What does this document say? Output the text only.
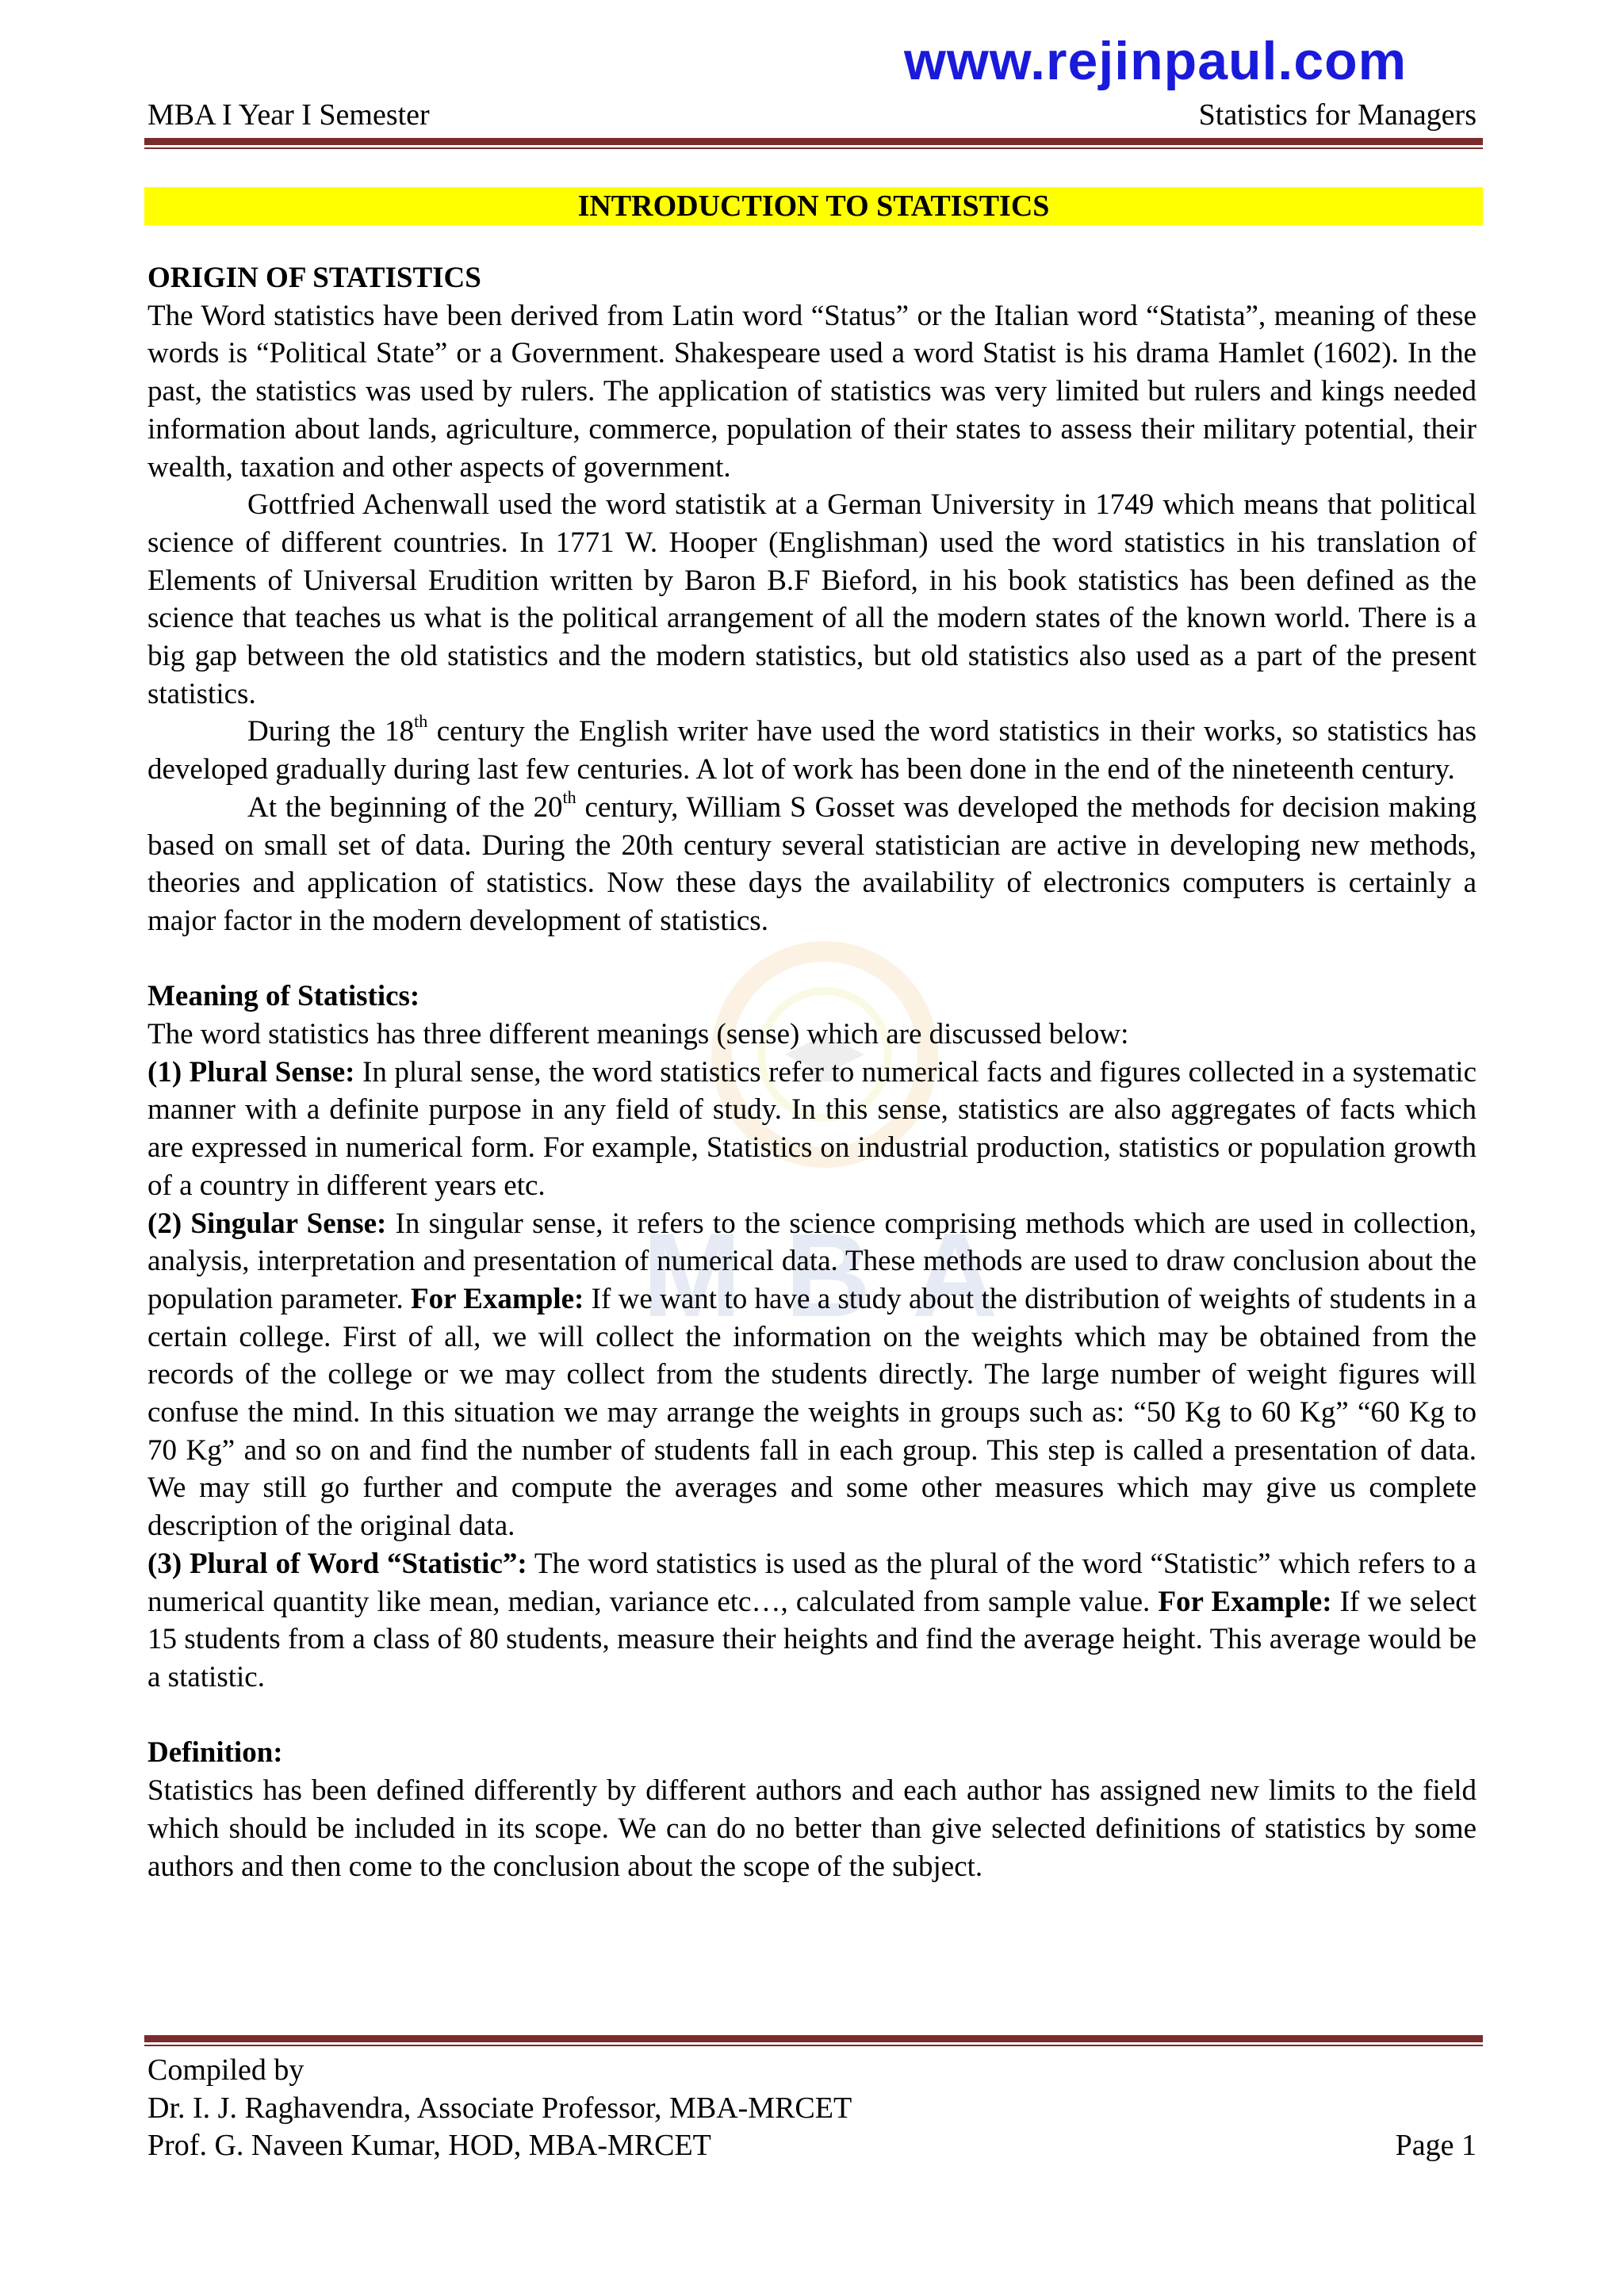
www.rejinpaul.com
MBA I Year I Semester	Statistics for Managers
INTRODUCTION TO STATISTICS
M B A
ORIGIN OF STATISTICS

The Word statistics have been derived from Latin word “Status” or the Italian word “Statista”, meaning of these words is “Political State” or a Government. Shakespeare used a word Statist is his drama Hamlet (1602). In the past, the statistics was used by rulers. The application of statistics was very limited but rulers and kings needed information about lands, agriculture, commerce, population of their states to assess their military potential, their wealth, taxation and other aspects of government.

Gottfried Achenwall used the word statistik at a German University in 1749 which means that political science of different countries. In 1771 W. Hooper (Englishman) used the word statistics in his translation of Elements of Universal Erudition written by Baron B.F Bieford, in his book statistics has been defined as the science that teaches us what is the political arrangement of all the modern states of the known world. There is a big gap between the old statistics and the modern statistics, but old statistics also used as a part of the present statistics.

During the 18th century the English writer have used the word statistics in their works, so statistics has developed gradually during last few centuries. A lot of work has been done in the end of the nineteenth century.

At the beginning of the 20th century, William S Gosset was developed the methods for decision making based on small set of data. During the 20th century several statistician are active in developing new methods, theories and application of statistics. Now these days the availability of electronics computers is certainly a major factor in the modern development of statistics.

Meaning of Statistics:

The word statistics has three different meanings (sense) which are discussed below:

(1) Plural Sense: In plural sense, the word statistics refer to numerical facts and figures collected in a systematic manner with a definite purpose in any field of study. In this sense, statistics are also aggregates of facts which are expressed in numerical form. For example, Statistics on industrial production, statistics or population growth of a country in different years etc.

(2) Singular Sense: In singular sense, it refers to the science comprising methods which are used in collection, analysis, interpretation and presentation of numerical data. These methods are used to draw conclusion about the population parameter. For Example: If we want to have a study about the distribution of weights of students in a certain college. First of all, we will collect the information on the weights which may be obtained from the records of the college or we may collect from the students directly. The large number of weight figures will confuse the mind. In this situation we may arrange the weights in groups such as: “50 Kg to 60 Kg” “60 Kg to 70 Kg” and so on and find the number of students fall in each group. This step is called a presentation of data. We may still go further and compute the averages and some other measures which may give us complete description of the original data.

(3) Plural of Word “Statistic”: The word statistics is used as the plural of the word “Statistic” which refers to a numerical quantity like mean, median, variance etc…, calculated from sample value. For Example: If we select 15 students from a class of 80 students, measure their heights and find the average height. This average would be a statistic.

Definition:

Statistics has been defined differently by different authors and each author has assigned new limits to the field which should be included in its scope. We can do no better than give selected definitions of statistics by some authors and then come to the conclusion about the scope of the subject.

Compiled by
Dr. I. J. Raghavendra, Associate Professor, MBA-MRCET
Prof. G. Naveen Kumar, HOD, MBA-MRCET	Page 1
